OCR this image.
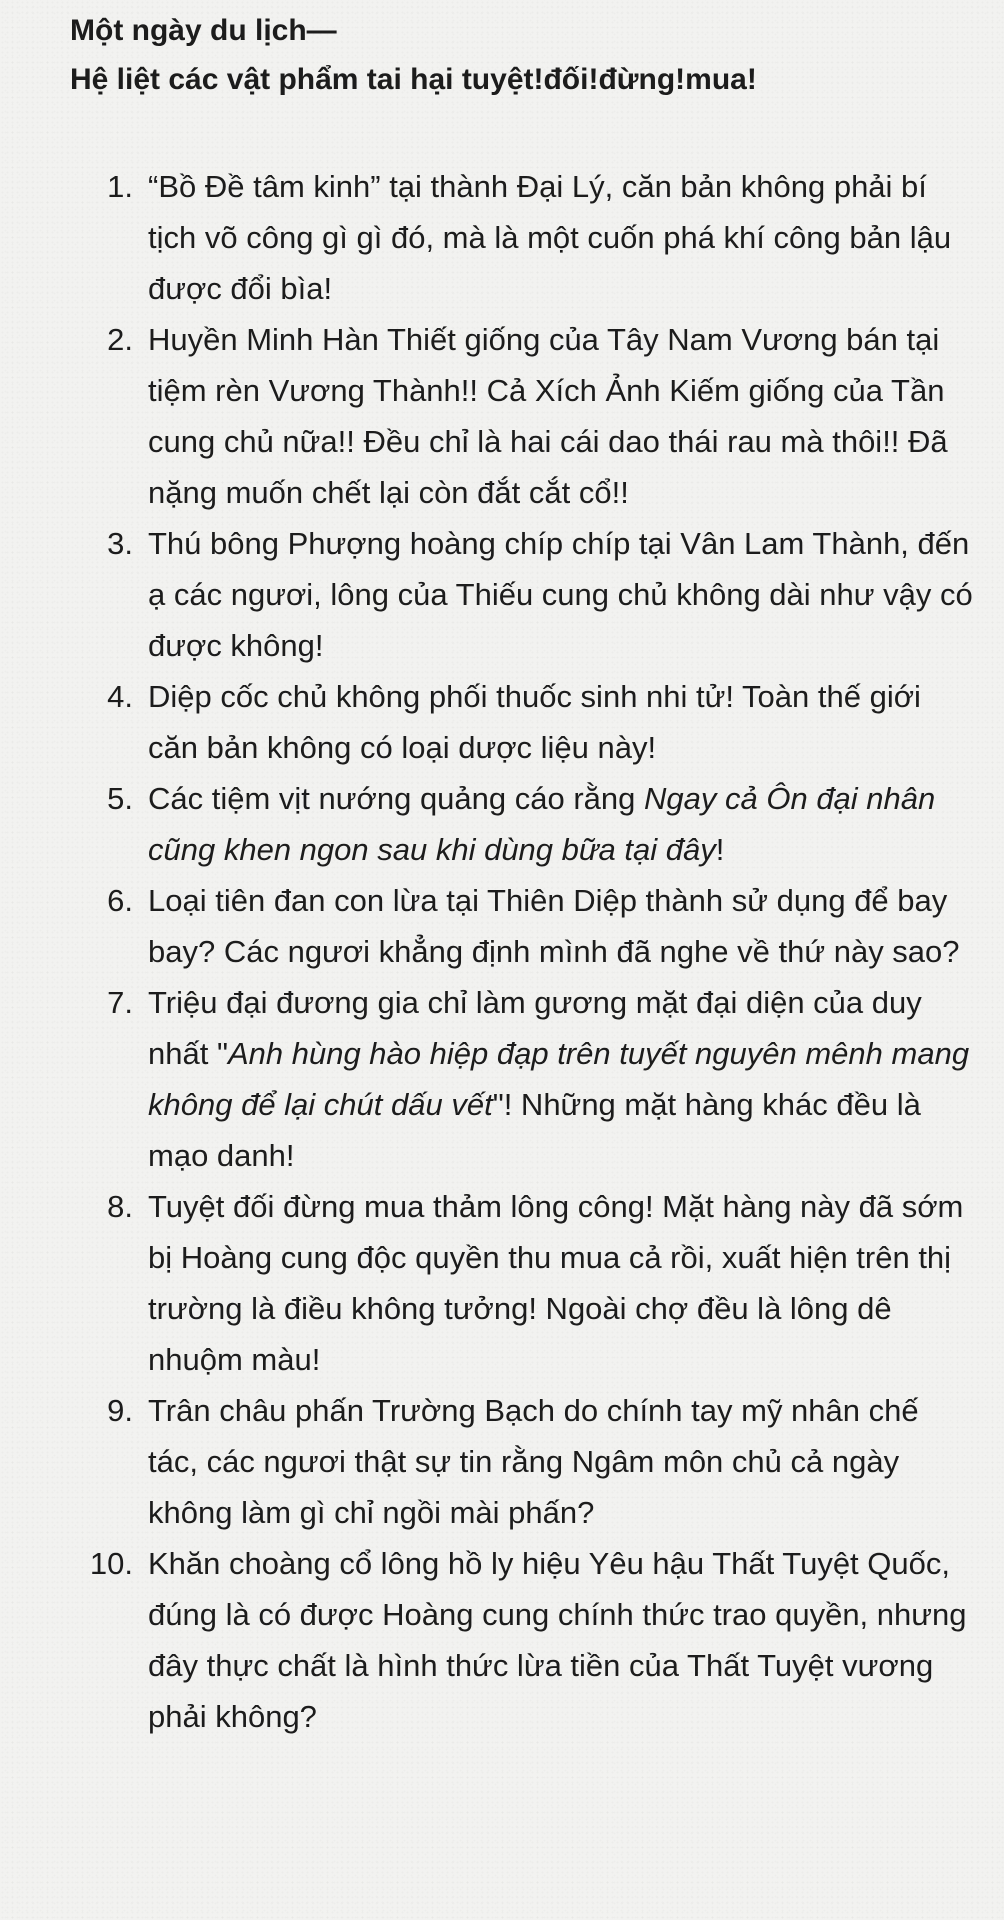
Một ngày du lịch—
Hệ liệt các vật phẩm tai hại tuyệt!đối!đừng!mua!
1. “Bồ Đề tâm kinh” tại thành Đại Lý, căn bản không phải bí tịch võ công gì gì đó, mà là một cuốn phá khí công bản lậu được đổi bìa!
2. Huyền Minh Hàn Thiết giống của Tây Nam Vương bán tại tiệm rèn Vương Thành!! Cả Xích Ảnh Kiếm giống của Tần cung chủ nữa!! Đều chỉ là hai cái dao thái rau mà thôi!! Đã nặng muốn chết lại còn đắt cắt cổ!!
3. Thú bông Phượng hoàng chíp chíp tại Vân Lam Thành, đến ạ các ngươi, lông của Thiếu cung chủ không dài như vậy có được không!
4. Diệp cốc chủ không phối thuốc sinh nhi tử! Toàn thế giới căn bản không có loại dược liệu này!
5. Các tiệm vịt nướng quảng cáo rằng Ngay cả Ôn đại nhân cũng khen ngon sau khi dùng bữa tại đây!
6. Loại tiên đan con lừa tại Thiên Diệp thành sử dụng để bay bay? Các ngươi khẳng định mình đã nghe về thứ này sao?
7. Triệu đại đương gia chỉ làm gương mặt đại diện của duy nhất "Anh hùng hào hiệp đạp trên tuyết nguyên mênh mang không để lại chút dấu vết"! Những mặt hàng khác đều là mạo danh!
8. Tuyệt đối đừng mua thảm lông công! Mặt hàng này đã sớm bị Hoàng cung độc quyền thu mua cả rồi, xuất hiện trên thị trường là điều không tưởng! Ngoài chợ đều là lông dê nhuộm màu!
9. Trân châu phấn Trường Bạch do chính tay mỹ nhân chế tác, các ngươi thật sự tin rằng Ngâm môn chủ cả ngày không làm gì chỉ ngồi mài phấn?
10. Khăn choàng cổ lông hồ ly hiệu Yêu hậu Thất Tuyệt Quốc, đúng là có được Hoàng cung chính thức trao quyền, nhưng đây thực chất là hình thức lừa tiền của Thất Tuyệt vương phải không?
